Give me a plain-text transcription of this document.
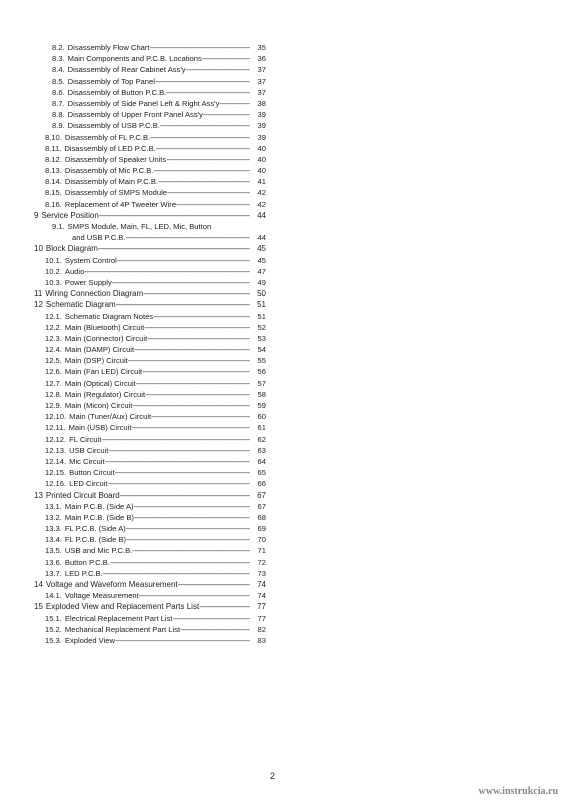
8.2. Disassembly Flow Chart -----	35
8.3. Main Components and P.C.B. Locations -----	36
8.4. Disassembly of Rear Cabinet Ass'y -----	37
8.5. Disassembly of Top Panel -----	37
8.6. Disassembly of Button P.C.B. -----	37
8.7. Disassembly of Side Panel Left & Right Ass'y -----	38
8.8. Disassembly of Upper Front Panel Ass'y -----	39
8.9. Disassembly of USB P.C.B. -----	39
8.10. Disassembly of FL P.C.B. -----	39
8.11. Disassembly of LED P.C.B. -----	40
8.12. Disassembly of Speaker Units -----	40
8.13. Disassembly of Mic P.C.B. -----	40
8.14. Disassembly of Main P.C.B. -----	41
8.15. Disassembly of SMPS Module -----	42
8.16. Replacement of 4P Tweeter Wire -----	42
9 Service Position -----	44
9.1. SMPS Module, Main, FL, LED, Mic, Button
and USB P.C.B. -----	44
10 Block Diagram -----	45
10.1. System Control -----	45
10.2. Audio -----	47
10.3. Power Supply -----	49
11 Wiring Connection Diagram -----	50
12 Schematic Diagram -----	51
12.1. Schematic Diagram Notes -----	51
12.2. Main (Bluetooth) Circuit -----	52
12.3. Main (Connector) Circuit -----	53
12.4. Main (DAMP) Circuit -----	54
12.5. Main (DSP) Circuit -----	55
12.6. Main (Fan LED) Circuit -----	56
12.7. Main (Optical) Circuit -----	57
12.8. Main (Regulator) Circuit -----	58
12.9. Main (Micon) Circuit -----	59
12.10. Main (Tuner/Aux) Circuit -----	60
12.11. Main (USB) Circuit -----	61
12.12. FL Circuit -----	62
12.13. USB Circuit -----	63
12.14. Mic Circuit -----	64
12.15. Button Circuit -----	65
12.16. LED Circuit -----	66
13 Printed Circuit Board -----	67
13.1. Main P.C.B. (Side A) -----	67
13.2. Main P.C.B. (Side B) -----	68
13.3. FL P.C.B. (Side A) -----	69
13.4. FL P.C.B. (Side B) -----	70
13.5. USB and Mic P.C.B. -----	71
13.6. Button P.C.B. -----	72
13.7. LED P.C.B. -----	73
14 Voltage and Waveform Measurement -----	74
14.1. Voltage Measurement -----	74
15 Exploded View and Replacement Parts List -----	77
15.1. Electrical Replacement Part List -----	77
15.2. Mechanical Replacement Part List -----	82
15.3. Exploded View -----	83
2
www.instrukcia.ru
